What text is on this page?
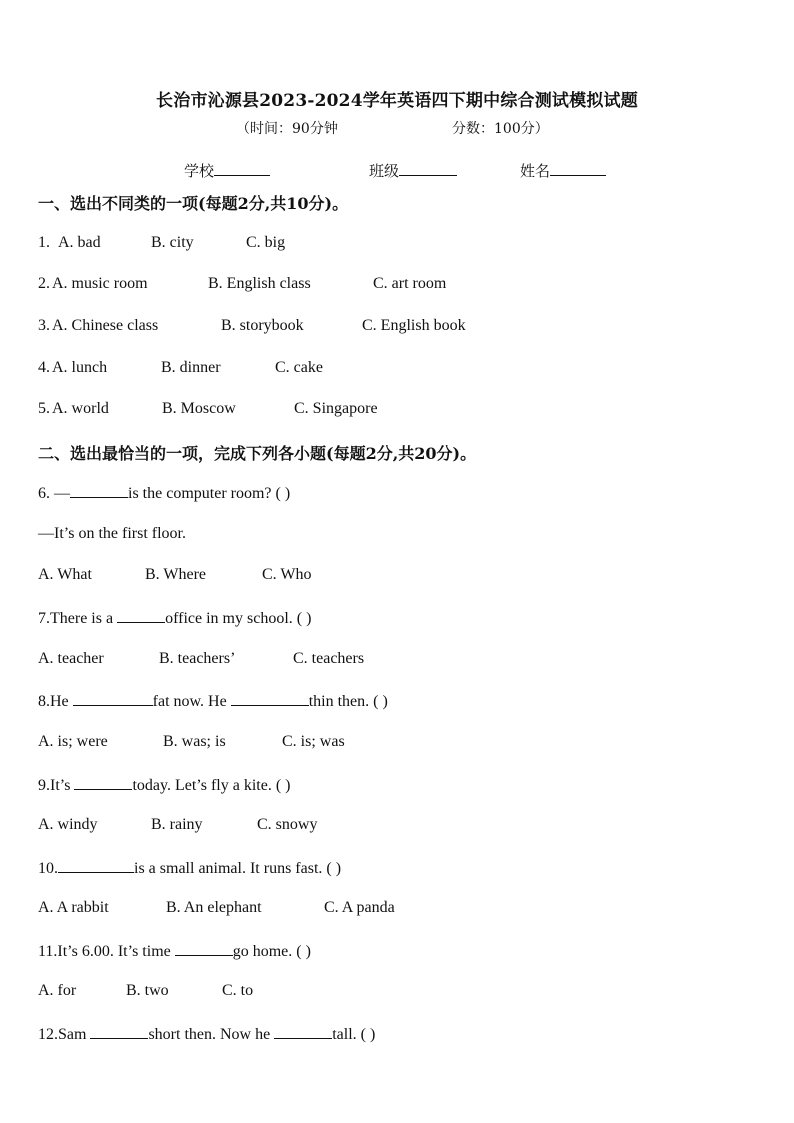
长治市沁源县2023-2024学年英语四下期中综合测试模拟试题
（时间：90分钟	分数：100分）
学校	班级	姓名
一、选出不同类的一项(每题2分,共10分)。
1. A. bad	B. city	C. big
2. A. music room	B. English class	C. art room
3. A. Chinese class	B. storybook	C. English book
4. A. lunch	B. dinner	C. cake
5. A. world	B. Moscow	C. Singapore
二、选出最恰当的一项，完成下列各小题(每题2分,共20分)。
6. —	is the computer room? ( )
—It’s on the first floor.
A. What	B. Where	C. Who
7.There is a	office in my school. ( )
A. teacher	B. teachers’	C. teachers
8.He	fat now. He	thin then. ( )
A. is; were	B. was; is	C. is; was
9.It’s	today. Let’s fly a kite. ( )
A. windy	B. rainy	C. snowy
10.	is a small animal. It runs fast. ( )
A. A rabbit	B. An elephant	C. A panda
11.It’s 6.00. It’s time	go home. ( )
A. for	B. two	C. to
12.Sam	short then. Now he	tall. ( )
